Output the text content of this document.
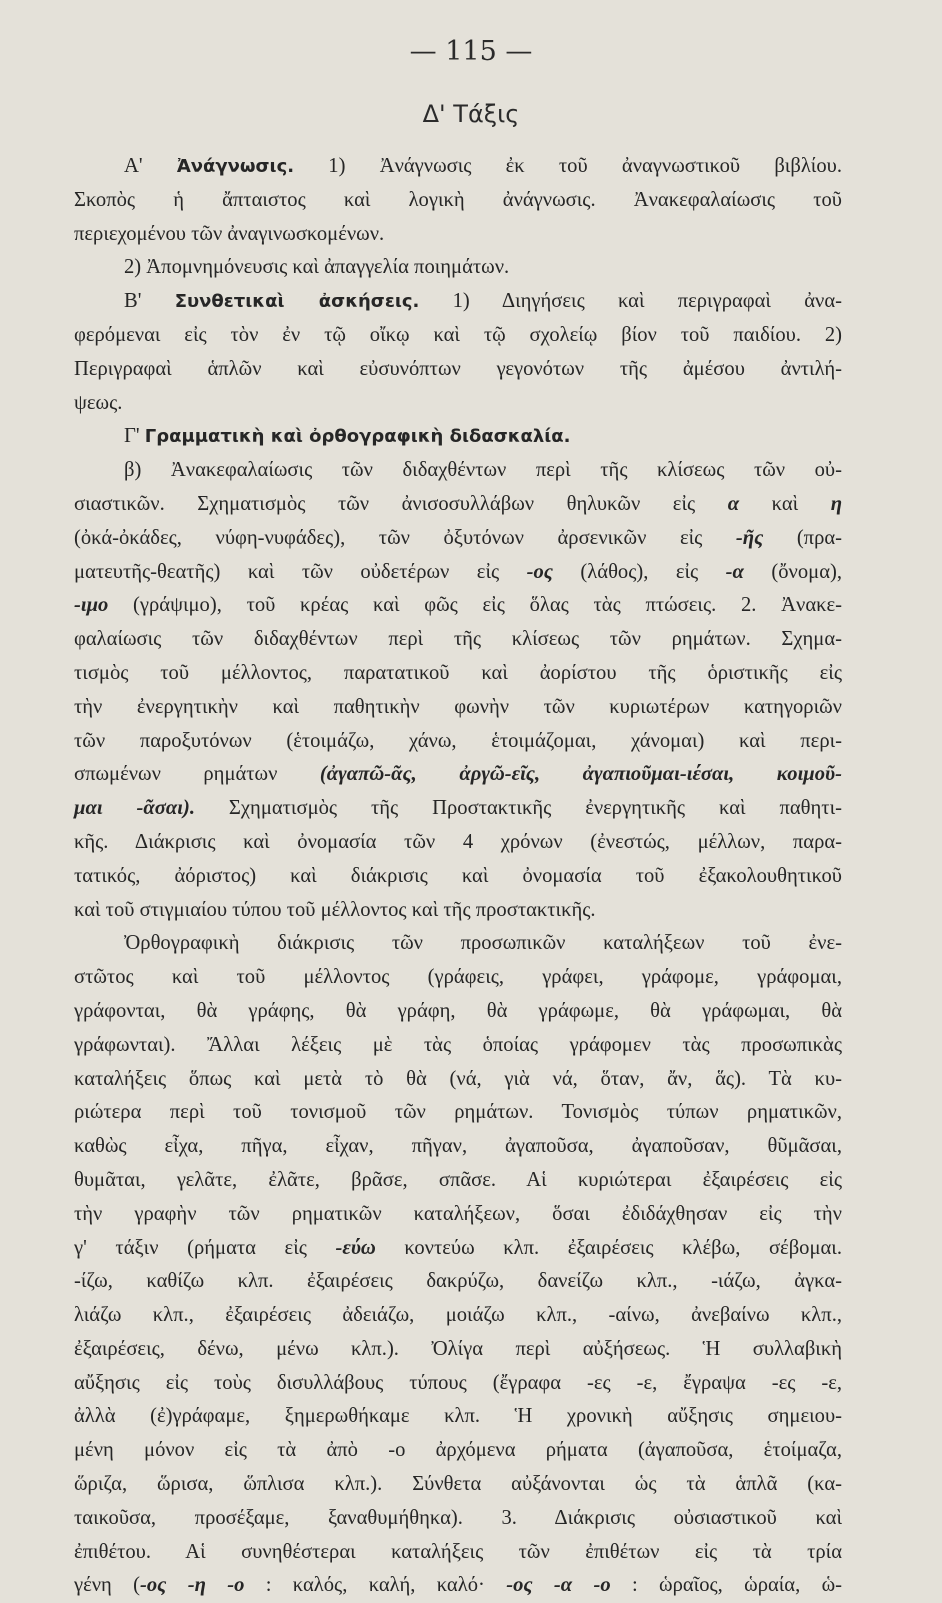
— 115 —
Δ' Τάξις
Α' Ἀνάγνωσις. 1) Ἀνάγνωσις ἐκ τοῦ ἀναγνωστικοῦ βιβλίου.
Σκοπὸς ἡ ἄπταιστος καὶ λογικὴ ἀνάγνωσις. Ἀνακεφαλαίωσις τοῦ
περιεχομένου τῶν ἀναγινωσκομένων.
2) Ἀπομνημόνευσις καὶ ἀπαγγελία ποιημάτων.
Β' Συνθετικαὶ ἀσκήσεις. 1) Διηγήσεις καὶ περιγραφαὶ ἀνα-
φερόμεναι εἰς τὸν ἐν τῷ οἴκῳ καὶ τῷ σχολείῳ βίον τοῦ παιδίου. 2)
Περιγραφαὶ ἁπλῶν καὶ εὐσυνόπτων γεγονότων τῆς ἀμέσου ἀντιλή-
ψεως.
Γ' Γραμματικὴ καὶ ὀρθογραφικὴ διδασκαλία.
β) Ἀνακεφαλαίωσις τῶν διδαχθέντων περὶ τῆς κλίσεως τῶν οὐ-
σιαστικῶν. Σχηματισμὸς τῶν ἀνισοσυλλάβων θηλυκῶν εἰς α καὶ η
(ὀκά-ὀκάδες, νύφη-νυφάδες), τῶν ὀξυτόνων ἀρσενικῶν εἰς -ῆς (πρα-
ματευτῆς-θεατῆς) καὶ τῶν οὐδετέρων εἰς -ος (λάθος), εἰς -α (ὄνομα),
-ιμο (γράψιμο), τοῦ κρέας καὶ φῶς εἰς ὅλας τὰς πτώσεις. 2. Ἀνακε-
φαλαίωσις τῶν διδαχθέντων περὶ τῆς κλίσεως τῶν ρημάτων. Σχημα-
τισμὸς τοῦ μέλλοντος, παρατατικοῦ καὶ ἀορίστου τῆς ὁριστικῆς εἰς
τὴν ἐνεργητικὴν καὶ παθητικὴν φωνὴν τῶν κυριωτέρων κατηγοριῶν
τῶν παροξυτόνων (ἑτοιμάζω, χάνω, ἑτοιμάζομαι, χάνομαι) καὶ περι-
σπωμένων ρημάτων (ἀγαπῶ-ᾶς, ἀργῶ-εῖς, ἀγαπιοῦμαι-ιέσαι, κοιμοῦ-
μαι -ᾶσαι). Σχηματισμὸς τῆς Προστακτικῆς ἐνεργητικῆς καὶ παθητι-
κῆς. Διάκρισις καὶ ὀνομασία τῶν 4 χρόνων (ἐνεστώς, μέλλων, παρα-
τατικός, ἀόριστος) καὶ διάκρισις καὶ ὀνομασία τοῦ ἐξακολουθητικοῦ
καὶ τοῦ στιγμιαίου τύπου τοῦ μέλλοντος καὶ τῆς προστακτικῆς.
Ὀρθογραφικὴ διάκρισις τῶν προσωπικῶν καταλήξεων τοῦ ἐνε-
στῶτος καὶ τοῦ μέλλοντος (γράφεις, γράφει, γράφομε, γράφομαι,
γράφονται, θὰ γράφης, θὰ γράφη, θὰ γράφωμε, θὰ γράφωμαι, θὰ
γράφωνται). Ἄλλαι λέξεις μὲ τὰς ὁποίας γράφομεν τὰς προσωπικὰς
καταλήξεις ὅπως καὶ μετὰ τὸ θὰ (νά, γιὰ νά, ὅταν, ἄν, ἅς). Τὰ κυ-
ριώτερα περὶ τοῦ τονισμοῦ τῶν ρημάτων. Τονισμὸς τύπων ρηματικῶν,
καθὼς εἶχα, πῆγα, εἶχαν, πῆγαν, ἀγαποῦσα, ἀγαποῦσαν, θῦμᾶσαι,
θυμᾶται, γελᾶτε, ἐλᾶτε, βρᾶσε, σπᾶσε. Αἱ κυριώτεραι ἐξαιρέσεις εἰς
τὴν γραφὴν τῶν ρηματικῶν καταλήξεων, ὅσαι ἐδιδάχθησαν εἰς τὴν
γ' τάξιν (ρήματα εἰς -εύω κοντεύω κλπ. ἐξαιρέσεις κλέβω, σέβομαι.
-ίζω, καθίζω κλπ. ἐξαιρέσεις δακρύζω, δανείζω κλπ., -ιάζω, ἀγκα-
λιάζω κλπ., ἐξαιρέσεις ἀδειάζω, μοιάζω κλπ., -αίνω, ἀνεβαίνω κλπ.,
ἐξαιρέσεις, δένω, μένω κλπ.). Ὀλίγα περὶ αὐξήσεως. Ἡ συλλαβικὴ
αὔξησις εἰς τοὺς δισυλλάβους τύπους (ἔγραφα -ες -ε, ἔγραψα -ες -ε,
ἀλλὰ (ἐ)γράφαμε, ξημερωθήκαμε κλπ. Ἡ χρονικὴ αὔξησις σημειου-
μένη μόνον εἰς τὰ ἀπὸ -ο ἀρχόμενα ρήματα (ἀγαποῦσα, ἑτοίμαζα,
ὥριζα, ὥρισα, ὥπλισα κλπ.). Σύνθετα αὐξάνονται ὡς τὰ ἁπλᾶ (κα-
ταικοῦσα, προσέξαμε, ξαναθυμήθηκα). 3. Διάκρισις οὐσιαστικοῦ καὶ
ἐπιθέτου. Αἱ συνηθέστεραι καταλήξεις τῶν ἐπιθέτων εἰς τὰ τρία
γένη (-ος -η -ο : καλός, καλή, καλό· -ος -α -ο : ὡραῖος, ὡραία, ὡ-
